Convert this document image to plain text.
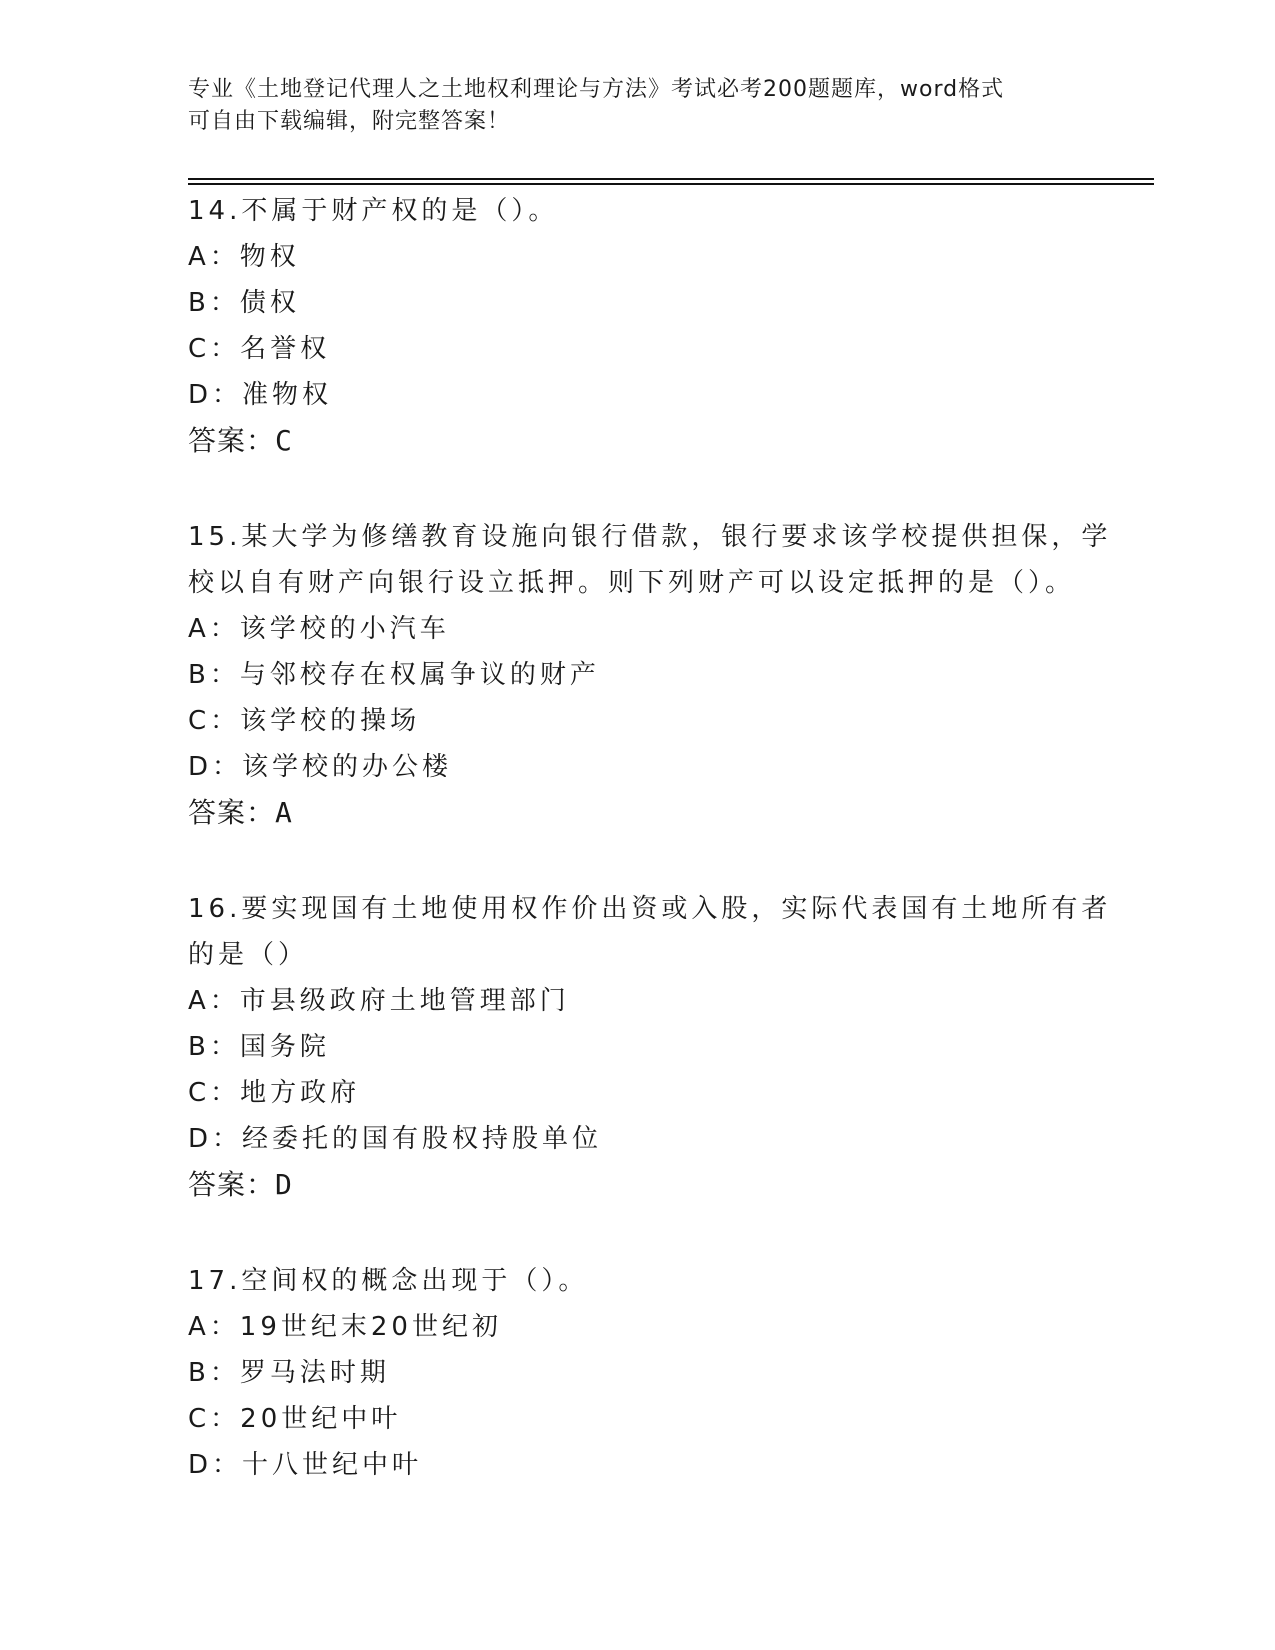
专业《土地登记代理人之土地权利理论与方法》考试必考200题题库，word格式
可自由下载编辑，附完整答案！
14.不属于财产权的是（）。
A：物权
B：债权
C：名誉权
D：准物权
答案：C
15.某大学为修缮教育设施向银行借款，银行要求该学校提供担保，学
校以自有财产向银行设立抵押。则下列财产可以设定抵押的是（）。
A：该学校的小汽车
B：与邻校存在权属争议的财产
C：该学校的操场
D：该学校的办公楼
答案：A
16.要实现国有土地使用权作价出资或入股，实际代表国有土地所有者
的是（）
A：市县级政府土地管理部门
B：国务院
C：地方政府
D：经委托的国有股权持股单位
答案：D
17.空间权的概念出现于（）。
A：19世纪末20世纪初
B：罗马法时期
C：20世纪中叶
D：十八世纪中叶
